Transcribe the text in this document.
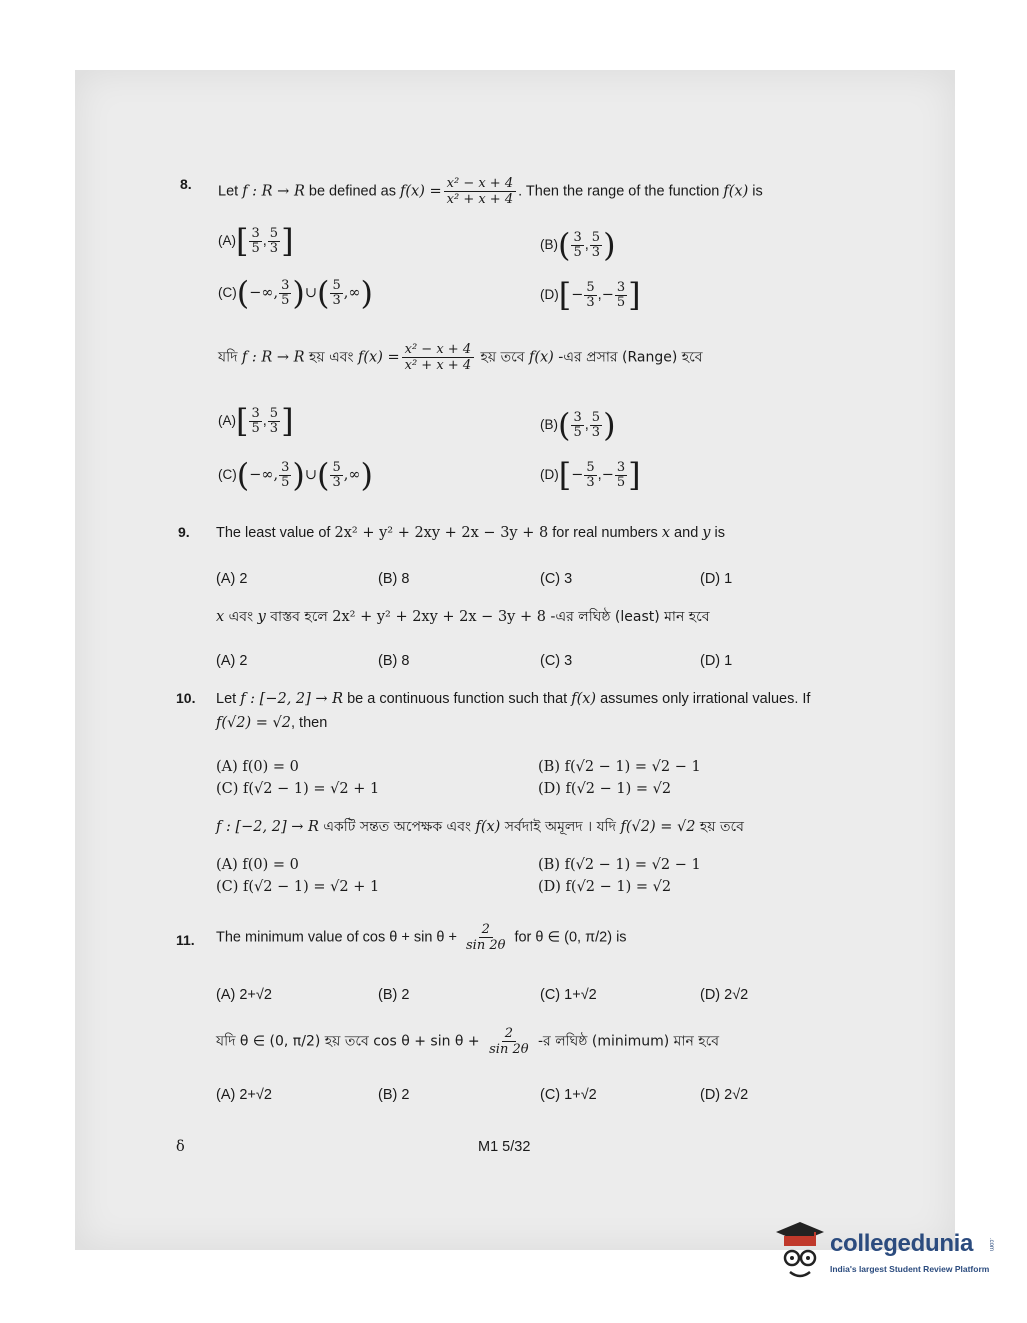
8. Let f : R → R be defined as $f(x) = \frac{\text{x² − x + 4}}{\text{x² + x + 4}}$ . Then the range of the function f(x) is
$(A)[ \frac{3}{5}$ , $\frac{5}{3}$ ]	$(B)( \frac{3}{5}$ , $\frac{5}{3}$ )
(C)(−∞, $\frac{3}{5}$ )∪( $\frac{5}{3}$ ,∞)	$(D)[- \frac{5}{3}$ ,− $\frac{3}{5}$ ]
যদি f : R → R হয় এবং $f(x) = \frac{\text{x² − x + 4}}{\text{x² + x + 4}}$ হয় তবে f(x) -এর প্রসার (Range) হবে
$(A)[ \frac{3}{5}$ , $\frac{5}{3}$ ]	$(B)( \frac{3}{5}$ , $\frac{5}{3}$ )
(C)(−∞, $\frac{3}{5}$ )∪( $\frac{5}{3}$ ,∞)	$(D)[- \frac{5}{3}$ ,− $\frac{3}{5}$ ]
9. The least value of 2x² + y² + 2xy + 2x − 3y + 8 for real numbers x and y is
(A) 2	(B) 8	(C) 3	(D) 1
x এবং y বাস্তব হলে 2x² + y² + 2xy + 2x − 3y + 8 -এর লঘিষ্ঠ (least) মান হবে
(A) 2	(B) 8	(C) 3	(D) 1
10. Let f : [−2, 2] → R be a continuous function such that f(x) assumes only irrational values. If
f(√2) = √2, then
(A) f(0) = 0	(B) f(√2 − 1) = √2 − 1
(C) f(√2 − 1) = √2 + 1	(D) f(√2 − 1) = √2
f : [−2, 2] → R একটি সন্তত অপেক্ষক এবং f(x) সর্বদাই অমূলদ । যদি f(√2) = √2 হয় তবে
(A) f(0) = 0	(B) f(√2 − 1) = √2 − 1
(C) f(√2 − 1) = √2 + 1	(D) f(√2 − 1) = √2
11. The minimum value of $\cos \theta + \sin \theta + \frac{2}{\sin 2\theta}$ for θ ∈ (0, π/2) is
(A) 2+√2	(B) 2	(C) 1+√2	(D) 2√2
যদি θ ∈ (0, π/2) হয় তবে $\cos \theta + \sin \theta + \frac{2}{\sin 2\theta}$ -র লঘিষ্ঠ (minimum) মান হবে
(A) 2+√2	(B) 2	(C) 1+√2	(D) 2√2
δ	M1 5/32
collegedunia .com
India's largest Student Review Platform
